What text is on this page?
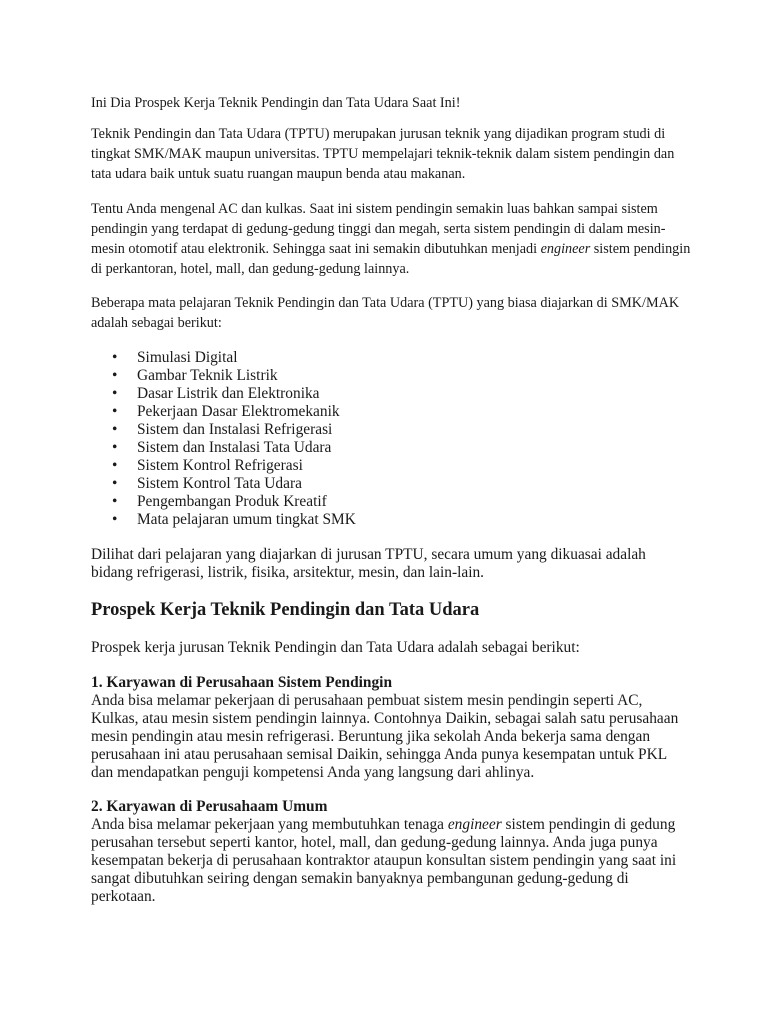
Ini Dia Prospek Kerja Teknik Pendingin dan Tata Udara Saat Ini!

Teknik Pendingin dan Tata Udara (TPTU) merupakan jurusan teknik yang dijadikan program studi di tingkat SMK/MAK maupun universitas. TPTU mempelajari teknik-teknik dalam sistem pendingin dan tata udara baik untuk suatu ruangan maupun benda atau makanan.

Tentu Anda mengenal AC dan kulkas. Saat ini sistem pendingin semakin luas bahkan sampai sistem pendingin yang terdapat di gedung-gedung tinggi dan megah, serta sistem pendingin di dalam mesin-mesin otomotif atau elektronik. Sehingga saat ini semakin dibutuhkan menjadi engineer sistem pendingin di perkantoran, hotel, mall, dan gedung-gedung lainnya.

Beberapa mata pelajaran Teknik Pendingin dan Tata Udara (TPTU) yang biasa diajarkan di SMK/MAK adalah sebagai berikut:

• Simulasi Digital
• Gambar Teknik Listrik
• Dasar Listrik dan Elektronika
• Pekerjaan Dasar Elektromekanik
• Sistem dan Instalasi Refrigerasi
• Sistem dan Instalasi Tata Udara
• Sistem Kontrol Refrigerasi
• Sistem Kontrol Tata Udara
• Pengembangan Produk Kreatif
• Mata pelajaran umum tingkat SMK

Dilihat dari pelajaran yang diajarkan di jurusan TPTU, secara umum yang dikuasai adalah bidang refrigerasi, listrik, fisika, arsitektur, mesin, dan lain-lain.

Prospek Kerja Teknik Pendingin dan Tata Udara

Prospek kerja jurusan Teknik Pendingin dan Tata Udara adalah sebagai berikut:

1. Karyawan di Perusahaan Sistem Pendingin
Anda bisa melamar pekerjaan di perusahaan pembuat sistem mesin pendingin seperti AC, Kulkas, atau mesin sistem pendingin lainnya. Contohnya Daikin, sebagai salah satu perusahaan mesin pendingin atau mesin refrigerasi. Beruntung jika sekolah Anda bekerja sama dengan perusahaan ini atau perusahaan semisal Daikin, sehingga Anda punya kesempatan untuk PKL dan mendapatkan penguji kompetensi Anda yang langsung dari ahlinya.
2. Karyawan di Perusahaam Umum
Anda bisa melamar pekerjaan yang membutuhkan tenaga engineer sistem pendingin di gedung perusahan tersebut seperti kantor, hotel, mall, dan gedung-gedung lainnya. Anda juga punya kesempatan bekerja di perusahaan kontraktor ataupun konsultan sistem pendingin yang saat ini sangat dibutuhkan seiring dengan semakin banyaknya pembangunan gedung-gedung di perkotaan.
